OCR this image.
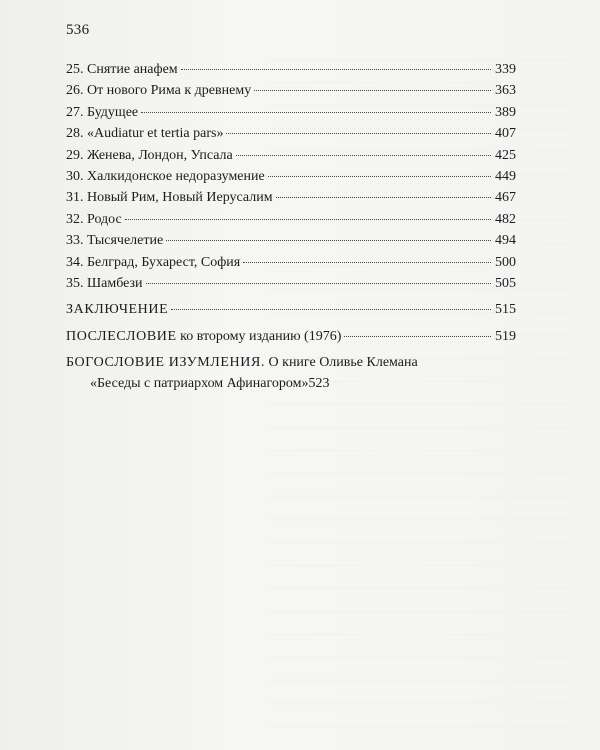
536
25. Снятие анафем	339
26. От нового Рима к древнему	363
27. Будущее	389
28. «Audiatur et tertia pars»	407
29. Женева, Лондон, Упсала	425
30. Халкидонское недоразумение	449
31. Новый Рим, Новый Иерусалим	467
32. Родос	482
33. Тысячелетие	494
34. Белград, Бухарест, София	500
35. Шамбези	505
ЗАКЛЮЧЕНИЕ	515
ПОСЛЕСЛОВИЕ ко второму изданию (1976)	519
БОГОСЛОВИЕ ИЗУМЛЕНИЯ. О книге Оливье Клемана
«Беседы с патриархом Афинагором» 523
